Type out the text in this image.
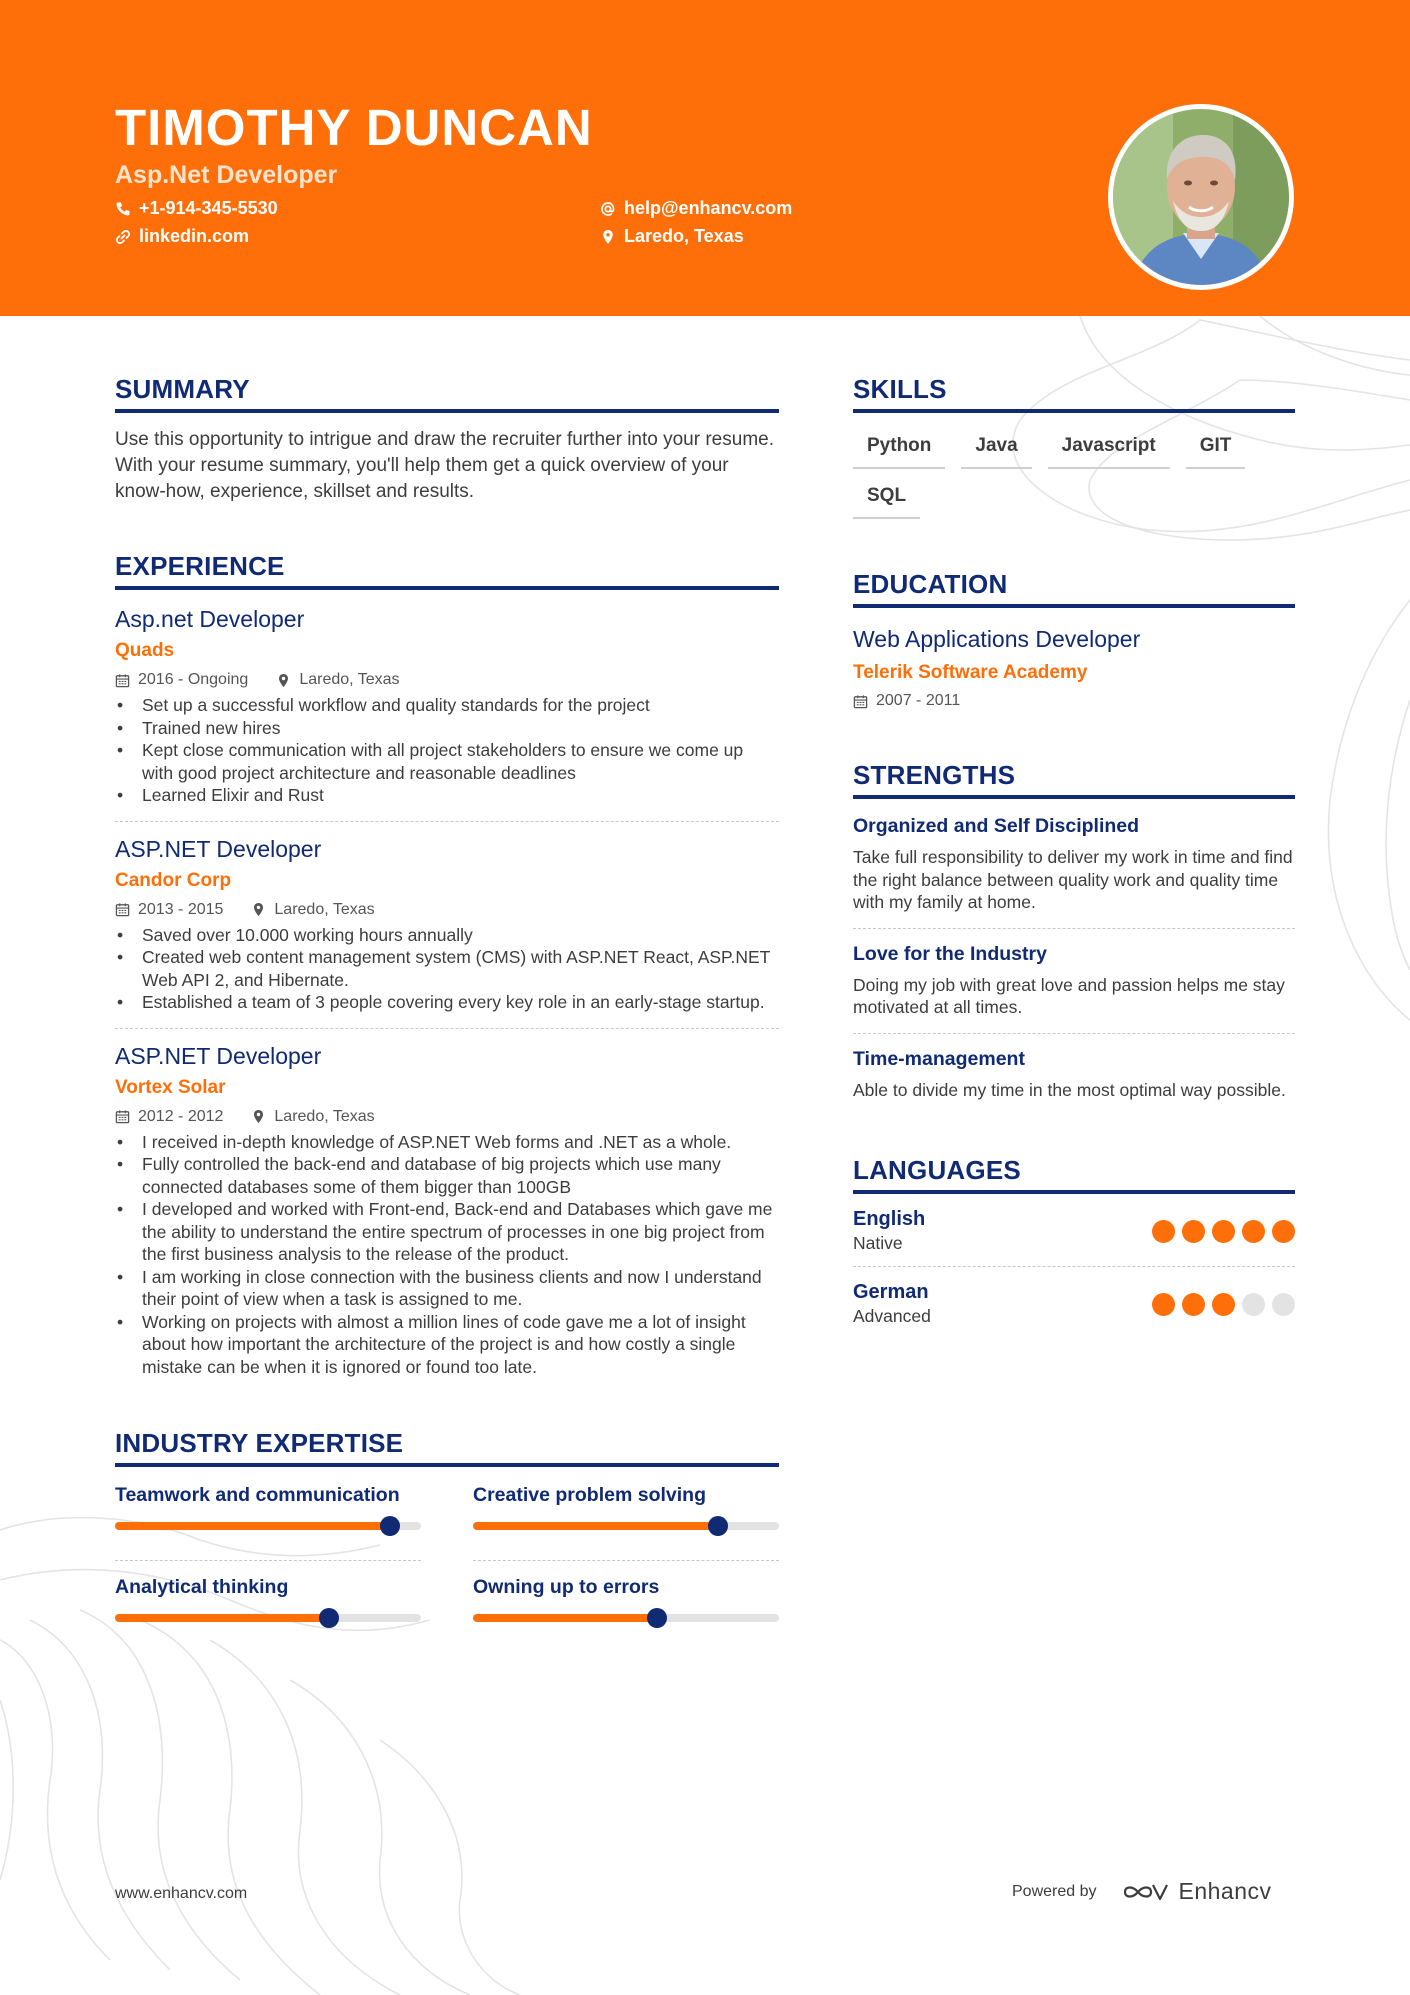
TIMOTHY DUNCAN
Asp.Net Developer
+1-914-345-5530
linkedin.com
help@enhancv.com
Laredo, Texas
SUMMARY

Use this opportunity to intrigue and draw the recruiter further into your resume. With your resume summary, you'll help them get a quick overview of your know-how, experience, skillset and results.

EXPERIENCE
Asp.net Developer
Quads
2016 - Ongoing	Laredo, Texas
• Set up a successful workflow and quality standards for the project
• Trained new hires
• Kept close communication with all project stakeholders to ensure we come up with good project architecture and reasonable deadlines
• Learned Elixir and Rust
ASP.NET Developer
Candor Corp
2013 - 2015	Laredo, Texas
• Saved over 10.000 working hours annually
• Created web content management system (CMS) with ASP.NET React, ASP.NET Web API 2, and Hibernate.
• Established a team of 3 people covering every key role in an early-stage startup.
ASP.NET Developer
Vortex Solar
2012 - 2012	Laredo, Texas
• I received in-depth knowledge of ASP.NET Web forms and .NET as a whole.
• Fully controlled the back-end and database of big projects which use many connected databases some of them bigger than 100GB
• I developed and worked with Front-end, Back-end and Databases which gave me the ability to understand the entire spectrum of processes in one big project from the first business analysis to the release of the product.
• I am working in close connection with the business clients and now I understand their point of view when a task is assigned to me.
• Working on projects with almost a million lines of code gave me a lot of insight about how important the architecture of the project is and how costly a single mistake can be when it is ignored or found too late.
INDUSTRY EXPERTISE
Teamwork and communication	Creative problem solving
Analytical thinking	Owning up to errors
SKILLS
Python	Java	Javascript	GIT
SQL
EDUCATION
Web Applications Developer
Telerik Software Academy
2007 - 2011
STRENGTHS
Organized and Self Disciplined
Take full responsibility to deliver my work in time and find the right balance between quality work and quality time with my family at home.
Love for the Industry
Doing my job with great love and passion helps me stay motivated at all times.
Time-management
Able to divide my time in the most optimal way possible.
LANGUAGES
English
Native
German
Advanced
www.enhancv.com	Powered by	Enhancv
